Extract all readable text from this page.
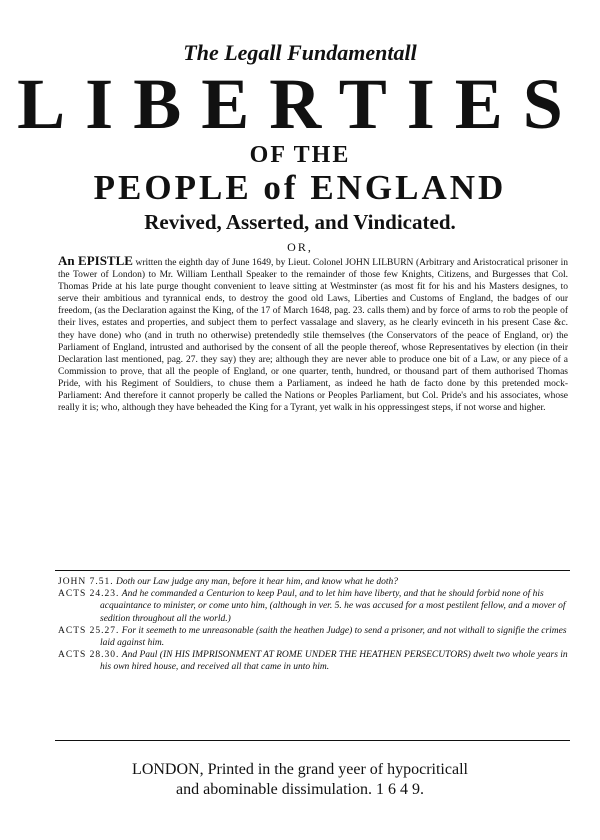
The Legall Fundamentall
LIBERTIES
OF THE
PEOPLE of ENGLAND
Revived, Asserted, and Vindicated.
OR,
An EPISTLE written the eighth day of June 1649, by Lieut. Colonel JOHN LILBURN (Arbitrary and Aristocratical prisoner in the Tower of London) to Mr. William Lenthall Speaker to the remainder of those few Knights, Citizens, and Burgesses that Col. Thomas Pride at his late purge thought convenient to leave sitting at Westminster (as most fit for his and his Masters designes, to serve their ambitious and tyrannical ends, to destroy the good old Laws, Liberties and Customs of England, the badges of our freedom, (as the Declaration against the King, of the 17 of March 1648, pag. 23. calls them) and by force of arms to rob the people of their lives, estates and properties, and subject them to perfect vassalage and slavery, as he clearly evinceth in his present Case &c. they have done) who (and in truth no otherwise) pretendedly stile themselves (the Conservators of the peace of England, or) the Parliament of England, intrusted and authorised by the consent of all the people thereof, whose Representatives by election (in their Declaration last mentioned, pag. 27. they say) they are; although they are never able to produce one bit of a Law, or any piece of a Commission to prove, that all the people of England, or one quarter, tenth, hundred, or thousand part of them authorised Thomas Pride, with his Regiment of Souldiers, to chuse them a Parliament, as indeed he hath de facto done by this pretended mock-Parliament: And therefore it cannot properly be called the Nations or Peoples Parliament, but Col. Pride's and his associates, whose really it is; who, although they have beheaded the King for a Tyrant, yet walk in his oppressingest steps, if not worse and higher.

JOHN 7.51. Doth our Law judge any man, before it hear him, and know what he doth?

ACTS 24.23. And he commanded a Centurion to keep Paul, and to let him have liberty, and that he should forbid none of his acquaintance to minister, or come unto him, (although in ver. 5. he was accused for a most pestilent fellow, and a mover of sedition throughout all the world.)

ACTS 25.27. For it seemeth to me unreasonable (saith the heathen Judge) to send a prisoner, and not withall to signifie the crimes laid against him.

ACTS 28.30. And Paul (IN HIS IMPRISONMENT AT ROME UNDER THE HEATHEN PERSECUTORS) dwelt two whole years in his own hired house, and received all that came in unto him.

LONDON, Printed in the grand yeer of hypocriticall
and abominable dissimulation. 1 6 4 9.
